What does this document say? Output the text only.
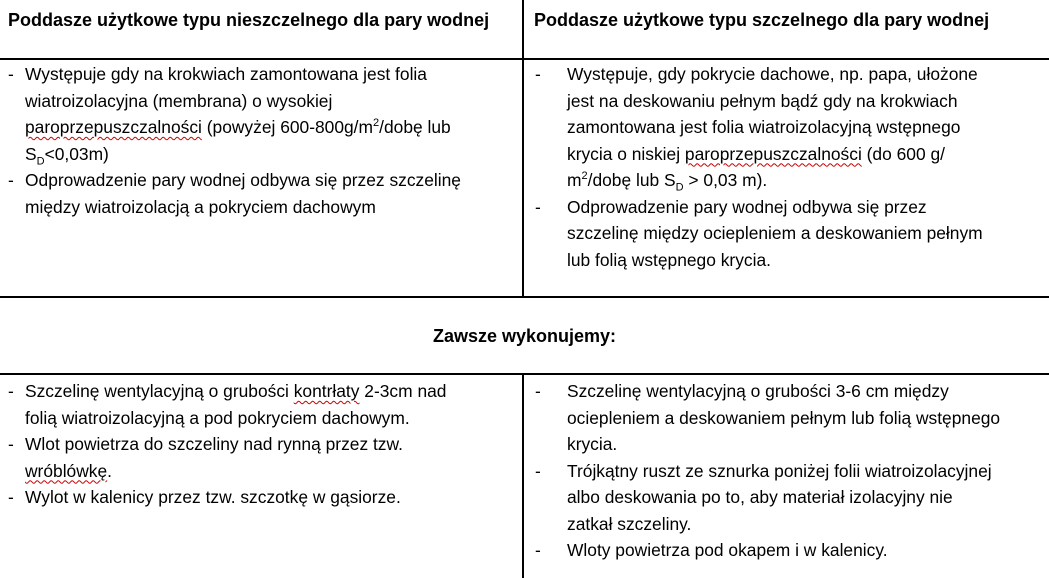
Poddasze użytkowe typu nieszczelnego dla pary wodnej Poddasze użytkowe typu szczelnego dla pary wodnej
- Występuje gdy na krokwiach zamontowana jest folia
wiatroizolacyjna (membrana) o wysokiej
paroprzepuszczalności (powyżej $600-800g/m^2$/dobę lub
$S_D<0,03m$)
- Odprowadzenie pary wodnej odbywa się przez szczelinę
między wiatroizolacją a pokryciem dachowym
- Występuje, gdy pokrycie dachowe, np. papa, ułożone
jest na deskowaniu pełnym bądź gdy na krokwiach
zamontowana jest folia wiatroizolacyjną wstępnego
krycia o niskiej paroprzepuszczalności (do 600 g/
$m^2$/dobę lub $S_D > 0,03$ m).
- Odprowadzenie pary wodnej odbywa się przez
szczelinę między ociepleniem a deskowaniem pełnym
lub folią wstępnego krycia.
Zawsze wykonujemy:
- Szczelinę wentylacyjną o grubości kontrłaty 2-3cm nad
folią wiatroizolacyjną a pod pokryciem dachowym.
- Wlot powietrza do szczeliny nad rynną przez tzw.
wróblówkę.
- Wylot w kalenicy przez tzw. szczotkę w gąsiorze.
- Szczelinę wentylacyjną o grubości 3-6 cm między
ociepleniem a deskowaniem pełnym lub folią wstępnego
krycia.
- Trójkątny ruszt ze sznurka poniżej folii wiatroizolacyjnej
albo deskowania po to, aby materiał izolacyjny nie
zatkał szczeliny.
- Wloty powietrza pod okapem i w kalenicy.
